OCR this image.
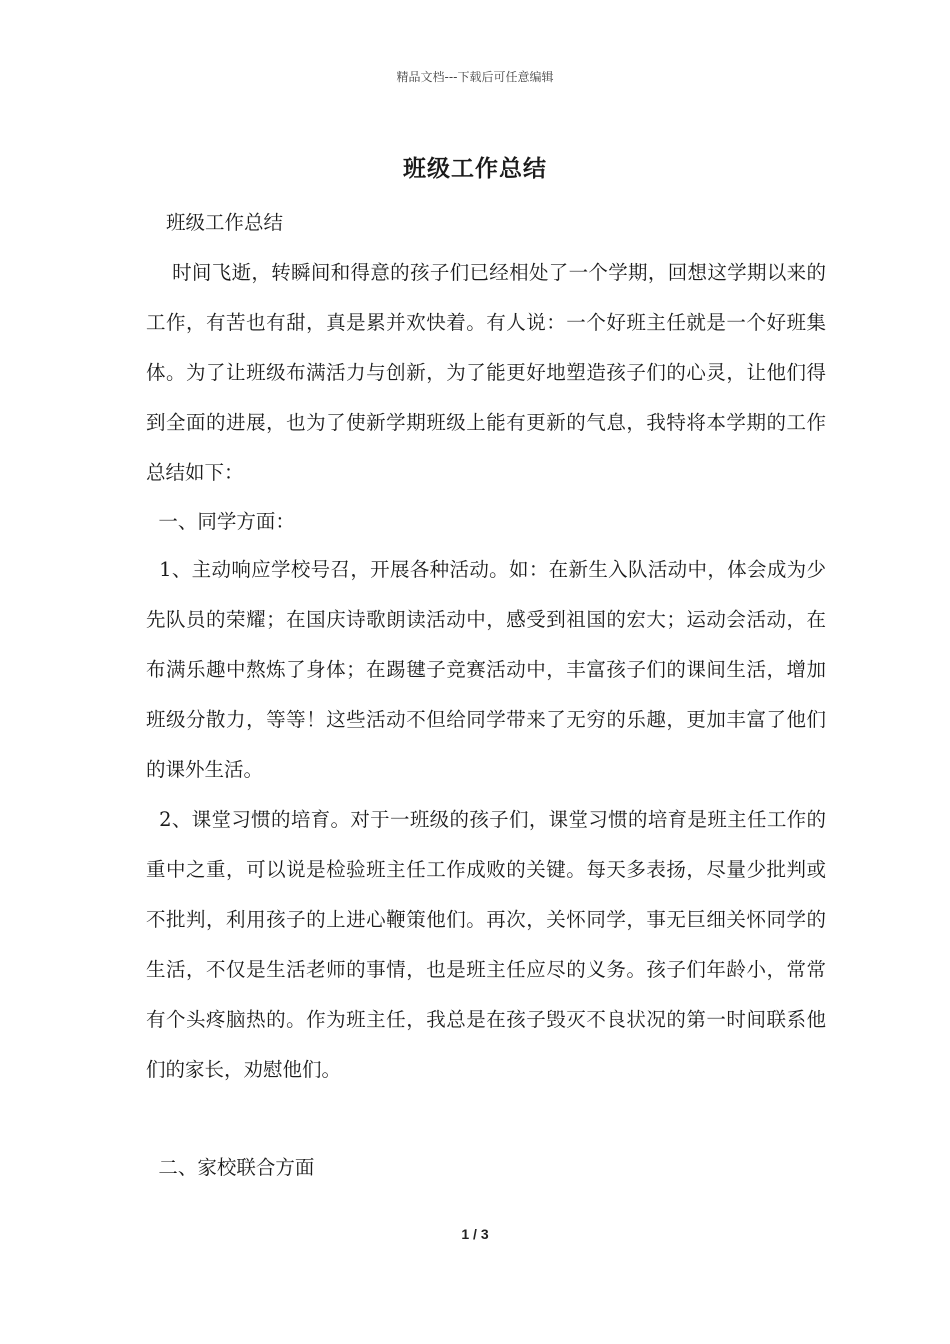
精品文档---下载后可任意编辑
班级工作总结

班级工作总结

时间飞逝，转瞬间和得意的孩子们已经相处了一个学期，回想这学期以来的工作，有苦也有甜，真是累并欢快着。有人说：一个好班主任就是一个好班集体。为了让班级布满活力与创新，为了能更好地塑造孩子们的心灵，让他们得到全面的进展，也为了使新学期班级上能有更新的气息，我特将本学期的工作总结如下：

一、同学方面：

1、主动响应学校号召，开展各种活动。如：在新生入队活动中，体会成为少先队员的荣耀；在国庆诗歌朗读活动中，感受到祖国的宏大；运动会活动，在布满乐趣中熬炼了身体；在踢毽子竞赛活动中，丰富孩子们的课间生活，增加班级分散力，等等！这些活动不但给同学带来了无穷的乐趣，更加丰富了他们的课外生活。

2、课堂习惯的培育。对于一班级的孩子们，课堂习惯的培育是班主任工作的重中之重，可以说是检验班主任工作成败的关键。每天多表扬，尽量少批判或不批判，利用孩子的上进心鞭策他们。再次，关怀同学，事无巨细关怀同学的生活，不仅是生活老师的事情，也是班主任应尽的义务。孩子们年龄小，常常有个头疼脑热的。作为班主任，我总是在孩子毁灭不良状况的第一时间联系他们的家长，劝慰他们。

二、家校联合方面

1 / 3
